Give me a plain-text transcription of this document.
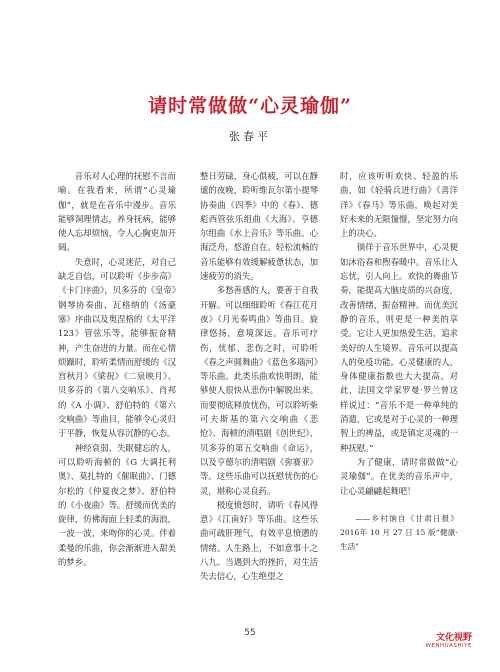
请时常做做“心灵瑜伽”
张春平

音乐对人心理的抚慰不言而喻。在我看来，所谓“心灵瑜伽”，就是在音乐中漫步。音乐能够洞理情志，养身抚病，能够使人忘却烦恼，令人心胸更加开阔。

失意时，心灵迷茫，对自己缺乏自信，可以聆听《步步高》《卡门序曲》，贝多芬的《皇帝》钢琴协奏曲、瓦格纳的《汤豪塞》序曲以及奥涅格的《太平洋 123》管弦乐等，能够振奋精神，产生奋进的力量。而在心情烦躁时，聆听柔情而舒缓的《汉宫秋月》《梁祝》《二泉映月》、贝多芬的《第八交响乐》、肖邦的《A 小调》、舒伯特的《第六交响曲》等曲目，能够令心灵归于平静，恢复从容沉静的心态。

神经衰弱、失眠健忘的人，可以聆听海顿的《G 大调托利奥》、莫扎特的《催眠曲》、门德尔松的《仲夏夜之梦》、舒伯特的《小夜曲》等。舒缓而优美的旋律，仿佛海面上轻柔的海浪，一波一波，来吻你的心灵。伴着柔曼的乐曲，你会渐渐进入甜美的梦乡。

整日劳碌，身心俱疲，可以在静谧的夜晚，聆听维瓦尔第小提琴协奏曲《四季》中的《春》、德彪西管弦乐组曲《大海》、亨德尔组曲《水上音乐》等乐曲。心海泛舟，悠游自在。轻松流畅的音乐能够有效缓解疲惫状态，加速疲劳的消失。

多愁善感的人，要善于自我开解。可以细细聆听《春江花月夜》《月光奏鸣曲》等曲目。旋律悠扬，意境深远。音乐可疗伤，忧郁、悲伤之时，可聆听《春之声圆舞曲》《蓝色多瑙河》等乐曲。此类乐曲欢快明朗，能够使人很快从悲伤中解脱出来。而要彻底释放忧伤，可以聆听柴可夫斯基的第六交响曲《悲怆》、海顿的清唱剧《创世纪》、贝多芬的第五交响曲《命运》，以及亨德尔的清唱剧《弥赛亚》等。这些乐曲可以抚慰忧伤的心灵，堪称心灵良药。

极度愤怒时，请听《春风得意》《江南好》等乐曲。这些乐曲可疏肝理气，有效平息愤懑的情绪。人生路上，不如意事十之八九。当遇到大的挫折，对生活失去信心，心生绝望之

时，应该听听欢快、轻盈的乐曲，如《轻骑兵进行曲》《喜洋洋》《春马》等乐曲，唤起对美好未来的无限憧憬，坚定努力向上的决心。

徜徉于音乐世界中，心灵便如沐浴春和煦春暖中。音乐让人忘忧，引人向上。欢快的舞曲节奏，能提高大脑皮质的兴奋度，改善情绪，振奋精神。而优美沉静的音乐，则更是一种美的享受。它让人更加热爱生活，追求美好的人生境界。音乐可以提高人的免疫功能。心灵健康的人，身体健康指数也大大提高。对此，法国文学家罗曼·罗兰曾这样说过：“音乐不是一种单纯的消遣，它或是对于心灵的一种理智上的裨益，或是镇定灵魂的一种抚慰。”

为了健康，请时常做做“心灵瑜伽”。在优美的音乐声中，让心灵翩翩起舞吧！

——乡村饷自《甘肃日报》2016年 10 月 27 日 15 版“健康·生活”

55	文化视野
WENHUASHIYE
